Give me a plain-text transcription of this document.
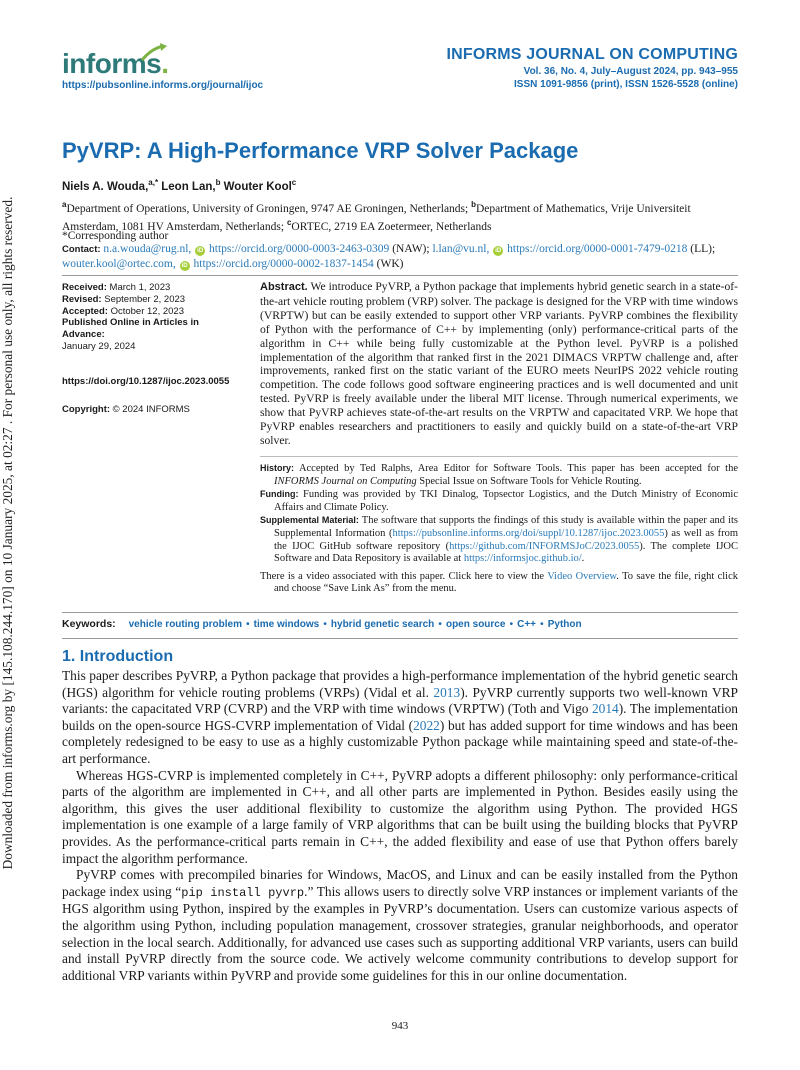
Downloaded from informs.org by [145.108.244.170] on 10 January 2025, at 02:27 . For personal use only, all rights reserved.
informs.
https://pubsonline.informs.org/journal/ijoc
INFORMS JOURNAL ON COMPUTING
Vol. 36, No. 4, July–August 2024, pp. 943–955
ISSN 1091-9856 (print), ISSN 1526-5528 (online)
PyVRP: A High-Performance VRP Solver Package
Niels A. Wouda,$^{a,*}$ Leon Lan,$^b$ Wouter Kool$^c$
$^a$Department of Operations, University of Groningen, 9747 AE Groningen, Netherlands; $^b$Department of Mathematics, Vrije Universiteit Amsterdam, 1081 HV Amsterdam, Netherlands; $^c$ORTEC, 2719 EA Zoetermeer, Netherlands
*Corresponding author
Contact: n.a.wouda@rug.nl, iD https://orcid.org/0000-0003-2463-0309 (NAW); l.lan@vu.nl, iD https://orcid.org/0000-0001-7479-0218 (LL); wouter.kool@ortec.com, iD https://orcid.org/0000-0002-1837-1454 (WK)
Received: March 1, 2023
Revised: September 2, 2023
Accepted: October 12, 2023
Published Online in Articles in Advance:
January 29, 2024
https://doi.org/10.1287/ijoc.2023.0055
Copyright: © 2024 INFORMS
Abstract. We introduce PyVRP, a Python package that implements hybrid genetic search in a state-of-the-art vehicle routing problem (VRP) solver. The package is designed for the VRP with time windows (VRPTW) but can be easily extended to support other VRP variants. PyVRP combines the flexibility of Python with the performance of C++ by implementing (only) performance-critical parts of the algorithm in C++ while being fully customizable at the Python level. PyVRP is a polished implementation of the algorithm that ranked first in the 2021 DIMACS VRPTW challenge and, after improvements, ranked first on the static variant of the EURO meets NeurIPS 2022 vehicle routing competition. The code follows good software engineering practices and is well documented and unit tested. PyVRP is freely available under the liberal MIT license. Through numerical experiments, we show that PyVRP achieves state-of-the-art results on the VRPTW and capacitated VRP. We hope that PyVRP enables researchers and practitioners to easily and quickly build on a state-of-the-art VRP solver.
History: Accepted by Ted Ralphs, Area Editor for Software Tools. This paper has been accepted for the INFORMS Journal on Computing Special Issue on Software Tools for Vehicle Routing.
Funding: Funding was provided by TKI Dinalog, Topsector Logistics, and the Dutch Ministry of Economic Affairs and Climate Policy.
Supplemental Material: The software that supports the findings of this study is available within the paper and its Supplemental Information (https://pubsonline.informs.org/doi/suppl/10.1287/ijoc.2023.0055) as well as from the IJOC GitHub software repository (https://github.com/INFORMSJoC/2023.0055). The complete IJOC Software and Data Repository is available at https://informsjoc.github.io/.
There is a video associated with this paper. Click here to view the Video Overview. To save the file, right click and choose “Save Link As” from the menu.
Keywords: vehicle routing problem • time windows • hybrid genetic search • open source • C++ • Python
1. Introduction

This paper describes PyVRP, a Python package that provides a high-performance implementation of the hybrid genetic search (HGS) algorithm for vehicle routing problems (VRPs) (Vidal et al. 2013). PyVRP currently supports two well-known VRP variants: the capacitated VRP (CVRP) and the VRP with time windows (VRPTW) (Toth and Vigo 2014). The implementation builds on the open-source HGS-CVRP implementation of Vidal (2022) but has added support for time windows and has been completely redesigned to be easy to use as a highly customizable Python package while maintaining speed and state-of-the-art performance.

Whereas HGS-CVRP is implemented completely in C++, PyVRP adopts a different philosophy: only performance-critical parts of the algorithm are implemented in C++, and all other parts are implemented in Python. Besides easily using the algorithm, this gives the user additional flexibility to customize the algorithm using Python. The provided HGS implementation is one example of a large family of VRP algorithms that can be built using the building blocks that PyVRP provides. As the performance-critical parts remain in C++, the added flexibility and ease of use that Python offers barely impact the algorithm performance.

PyVRP comes with precompiled binaries for Windows, MacOS, and Linux and can be easily installed from the Python package index using “pip install pyvrp.” This allows users to directly solve VRP instances or implement variants of the HGS algorithm using Python, inspired by the examples in PyVRP’s documentation. Users can customize various aspects of the algorithm using Python, including population management, crossover strategies, granular neighborhoods, and operator selection in the local search. Additionally, for advanced use cases such as supporting additional VRP variants, users can build and install PyVRP directly from the source code. We actively welcome community contributions to develop support for additional VRP variants within PyVRP and provide some guidelines for this in our online documentation.

943
